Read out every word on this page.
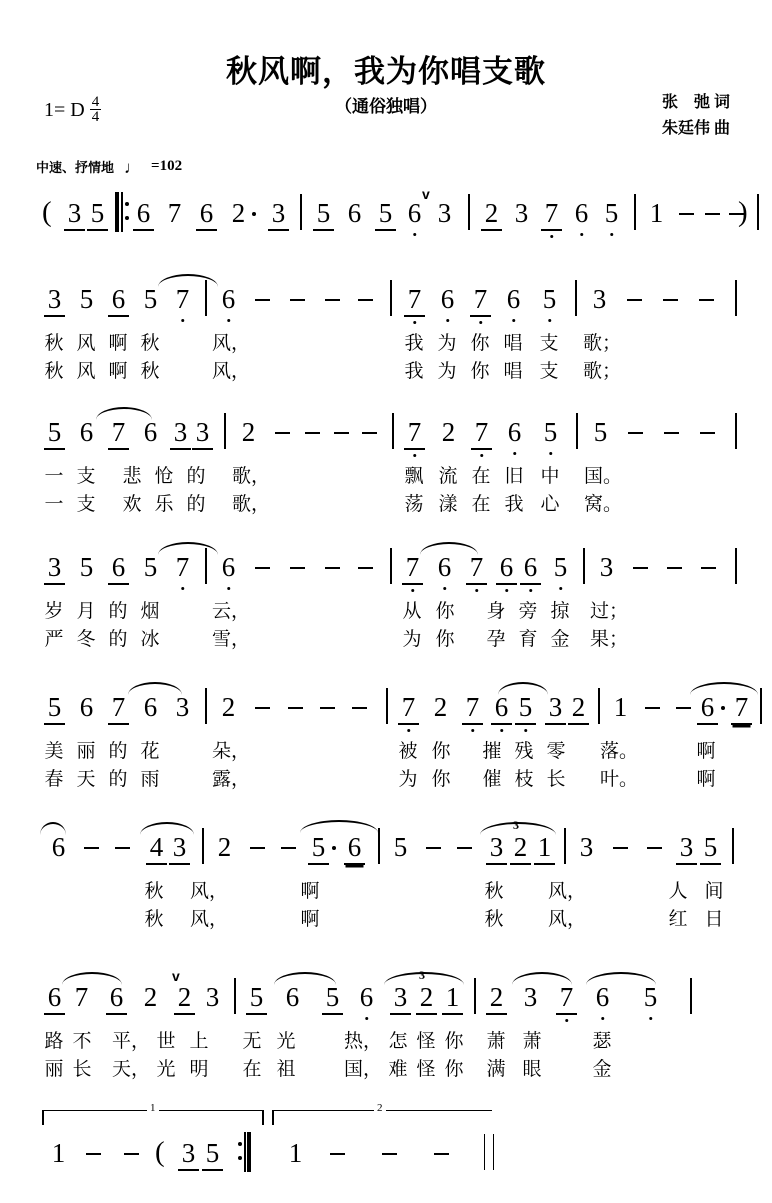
秋风啊，我为你唱支歌
（通俗独唱）
1= D $\frac{4}{4}$	张　弛 词
朱廷伟 曲
中速、抒情地 ♩ =102
( 3 5 6 7 6 2 3 5 6 5 6
v
3 2 3 7 6 5 1	)
3 5 6 5 7 6	7 6 7 6 5 3
秋 风 啊 秋	风，	我 为 你 唱 支 歌；
秋 风 啊 秋	风，	我 为 你 唱 支 歌；
5 6 7 6 3 3 2	7 2 7 6 5 5
一 支 悲 怆 的 歌，	飘 流 在 旧 中 国。
一 支 欢 乐 的 歌，	荡 漾 在 我 心 窝。
3 5 6 5 7 6	7 6 7 6 6 5 3
岁 月 的 烟	云，	从 你 身 旁 掠 过；
严 冬 的 冰	雪，	为 你 孕 育 金 果；
5 6 7 6 3 2	7 2 7 6 5 3 2 1	6 7
美 丽 的 花	朵，	被 你 摧 残 零 落。	啊
春 天 的 雨	露，	为 你 催 枝 长 叶。	啊
6	4 3 2	5 6 5	3 2 1
3
3	3 5
秋 风，	啊	秋 风，	人 间
秋 风，	啊	秋 风，	红 日
6 7 6 2
v
2 3 5 6 5 6 3 2 1
3
2 3 7 6 5
路 不 平， 世 上 无 光	热， 怎 怪 你 萧 萧	瑟
丽 长 天， 光 明 在 祖	国， 难 怪 你 满 眼	金
1	2
1	( 3 5	1
